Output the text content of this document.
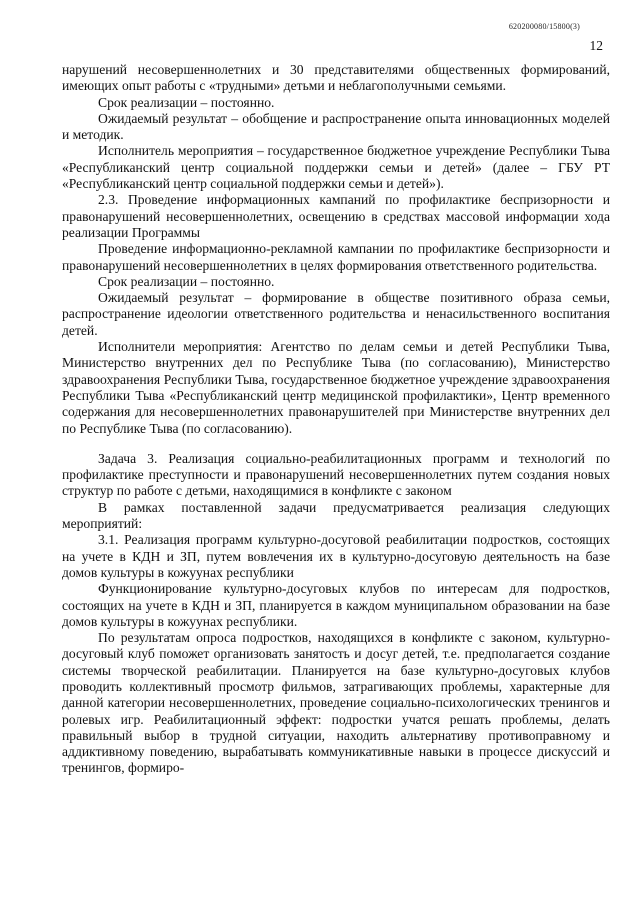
620200080/15800(3)
12

нарушений несовершеннолетних и 30 представителями общественных формирований, имеющих опыт работы с «трудными» детьми и неблагополучными семьями.

Срок реализации – постоянно.

Ожидаемый результат – обобщение и распространение опыта инновационных моделей и методик.

Исполнитель мероприятия – государственное бюджетное учреждение Республики Тыва «Республиканский центр социальной поддержки семьи и детей» (далее – ГБУ РТ «Республиканский центр социальной поддержки семьи и детей»).

2.3. Проведение информационных кампаний по профилактике беспризорности и правонарушений несовершеннолетних, освещению в средствах массовой информации хода реализации Программы

Проведение информационно-рекламной кампании по профилактике беспризорности и правонарушений несовершеннолетних в целях формирования ответственного родительства.

Срок реализации – постоянно.

Ожидаемый результат – формирование в обществе позитивного образа семьи, распространение идеологии ответственного родительства и ненасильственного воспитания детей.

Исполнители мероприятия: Агентство по делам семьи и детей Республики Тыва, Министерство внутренних дел по Республике Тыва (по согласованию), Министерство здравоохранения Республики Тыва, государственное бюджетное учреждение здравоохранения Республики Тыва «Республиканский центр медицинской профилактики», Центр временного содержания для несовершеннолетних правонарушителей при Министерстве внутренних дел по Республике Тыва (по согласованию).

Задача 3. Реализация социально-реабилитационных программ и технологий по профилактике преступности и правонарушений несовершеннолетних путем создания новых структур по работе с детьми, находящимися в конфликте с законом

В рамках поставленной задачи предусматривается реализация следующих мероприятий:

3.1. Реализация программ культурно-досуговой реабилитации подростков, состоящих на учете в КДН и ЗП, путем вовлечения их в культурно-досуговую деятельность на базе домов культуры в кожуунах республики

Функционирование культурно-досуговых клубов по интересам для подростков, состоящих на учете в КДН и ЗП, планируется в каждом муниципальном образовании на базе домов культуры в кожуунах республики.

По результатам опроса подростков, находящихся в конфликте с законом, культурно-досуговый клуб поможет организовать занятость и досуг детей, т.е. предполагается создание системы творческой реабилитации. Планируется на базе культурно-досуговых клубов проводить коллективный просмотр фильмов, затрагивающих проблемы, характерные для данной категории несовершеннолетних, проведение социально-психологических тренингов и ролевых игр. Реабилитационный эффект: подростки учатся решать проблемы, делать правильный выбор в трудной ситуации, находить альтернативу противоправному и аддиктивному поведению, вырабатывать коммуникативные навыки в процессе дискуссий и тренингов, формиро-
